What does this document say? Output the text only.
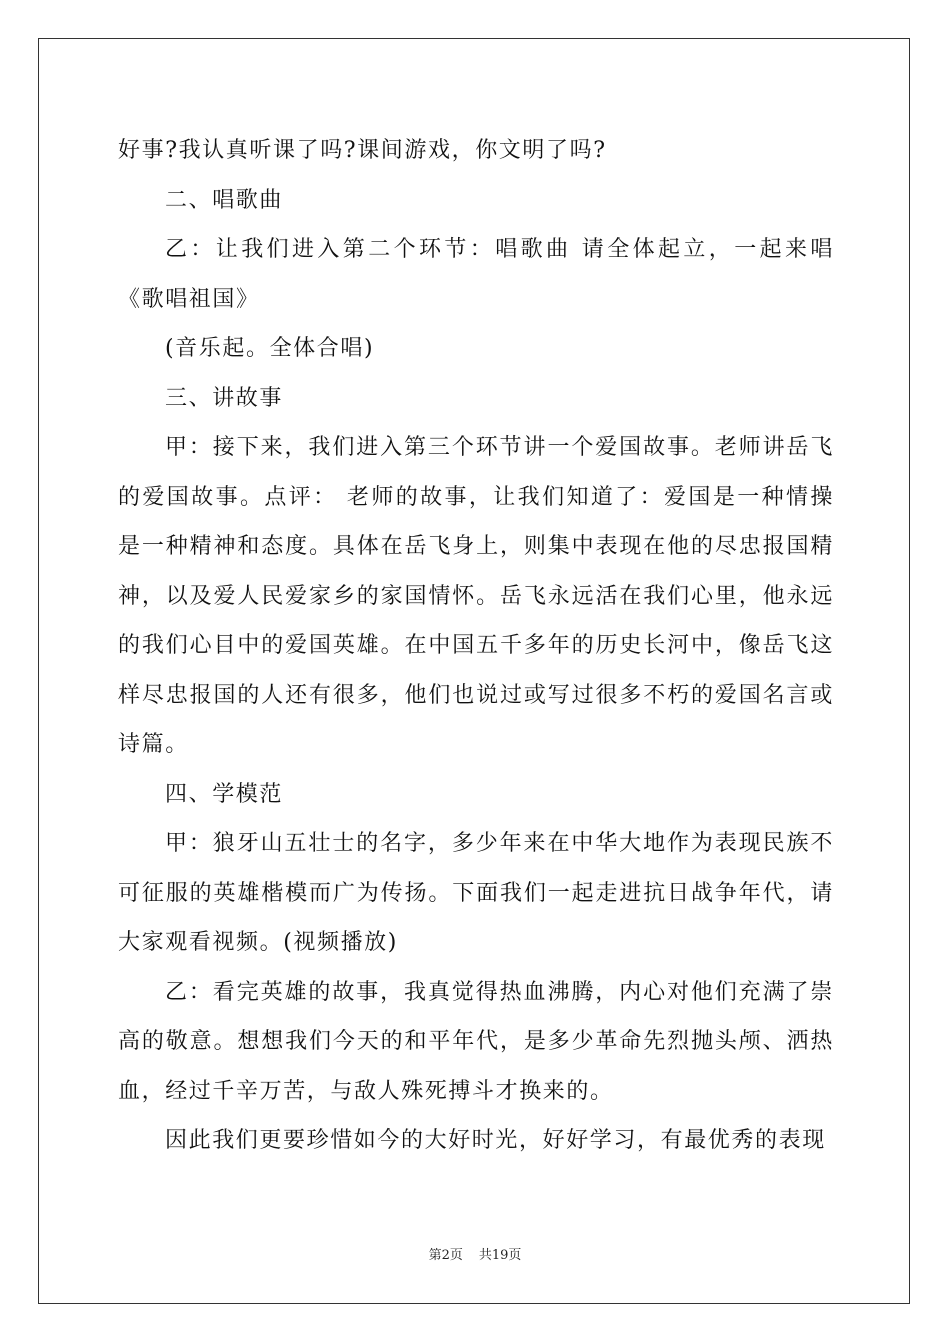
好事?我认真听课了吗?课间游戏，你文明了吗?

二、唱歌曲

乙：让我们进入第二个环节：唱歌曲 请全体起立，一起来唱《歌唱祖国》

(音乐起。全体合唱)

三、讲故事

甲：接下来，我们进入第三个环节讲一个爱国故事。老师讲岳飞的爱国故事。点评： 老师的故事，让我们知道了：爱国是一种情操是一种精神和态度。具体在岳飞身上，则集中表现在他的尽忠报国精神，以及爱人民爱家乡的家国情怀。岳飞永远活在我们心里，他永远的我们心目中的爱国英雄。在中国五千多年的历史长河中，像岳飞这样尽忠报国的人还有很多，他们也说过或写过很多不朽的爱国名言或诗篇。

四、学模范

甲：狼牙山五壮士的名字，多少年来在中华大地作为表现民族不可征服的英雄楷模而广为传扬。下面我们一起走进抗日战争年代，请大家观看视频。(视频播放)

乙：看完英雄的故事，我真觉得热血沸腾，内心对他们充满了崇高的敬意。想想我们今天的和平年代，是多少革命先烈抛头颅、洒热血，经过千辛万苦，与敌人殊死搏斗才换来的。

因此我们更要珍惜如今的大好时光，好好学习，有最优秀的表现

第2页 共19页
